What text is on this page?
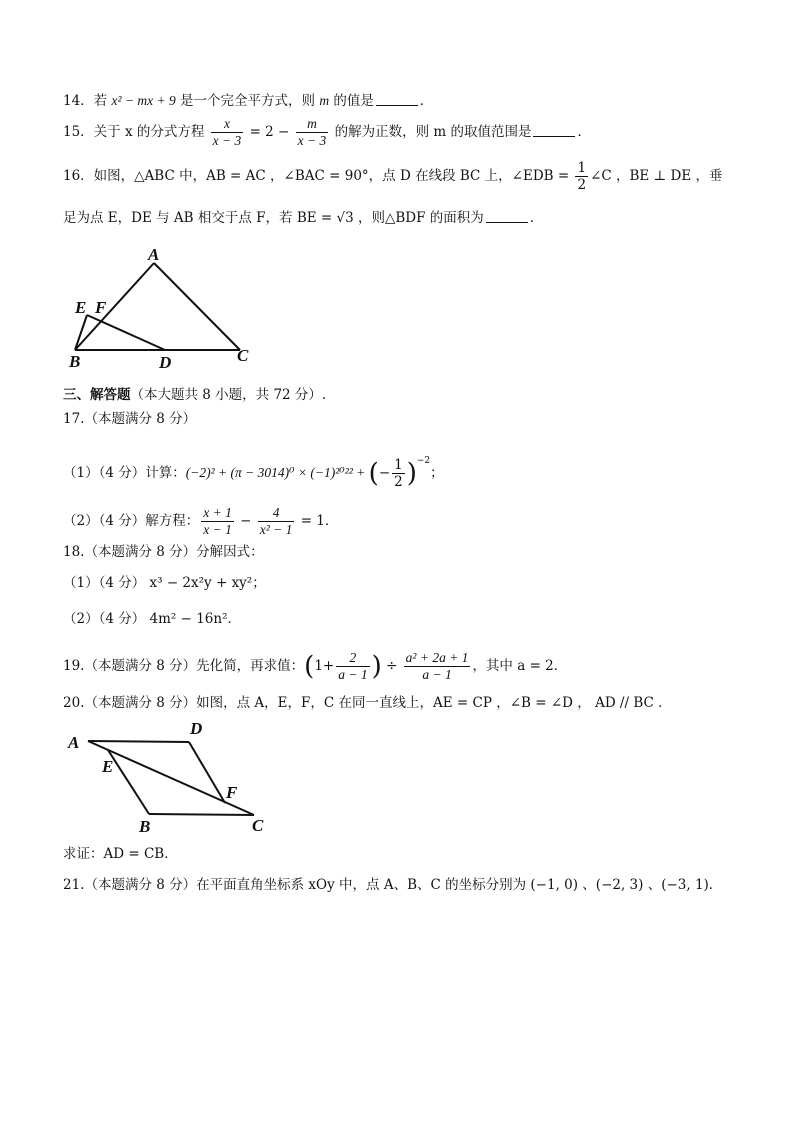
14．若 x² − mx + 9 是一个完全平方式，则 m 的值是	．
15．关于 x 的分式方程 $\frac{x}{x - 3} = 2 - \frac{m}{x - 3}$ 的解为正数，则 m 的取值范围是	．
16．如图，△ABC 中，AB = AC ，∠BAC = 90°，点 D 在线段 BC 上，∠EDB = $\frac{1}{2}$ ∠C ，BE ⊥ DE ，垂
足为点 E，DE 与 AB 相交于点 F，若 BE = √3 ，则△BDF 的面积为	．
A
E F
B	D	C
三、解答题（本大题共 8 小题，共 72 分）.
17.（本题满分 8 分）
（1）（4 分）计算：(−2)² + (π − 3014)⁰ × (−1)²⁰²² + (− $\frac{1}{2} )^{-2}$；
（2）（4 分）解方程： $\frac{x + 1}{x - 1} - \frac{4}{\text{x² − 1}} = 1$．
18.（本题满分 8 分）分解因式：
（1）（4 分） x³ − 2x²y + xy²；
（2）（4 分） 4m² − 16n²．
19.（本题满分 8 分）先化简，再求值：($1+ \frac{2}{a - 1}$ ) ÷ $\frac{\text{a² + 2a + 1}}{a - 1}$ ，其中 a = 2．
20.（本题满分 8 分）如图，点 A，E，F，C 在同一直线上，AE = CP ，∠B = ∠D ， AD // BC ．
A
D
E
F
B	C
求证：AD = CB．
21.（本题满分 8 分）在平面直角坐标系 xOy 中，点 A、B、C 的坐标分别为 (−1, 0) 、(−2, 3) 、(−3, 1)．
